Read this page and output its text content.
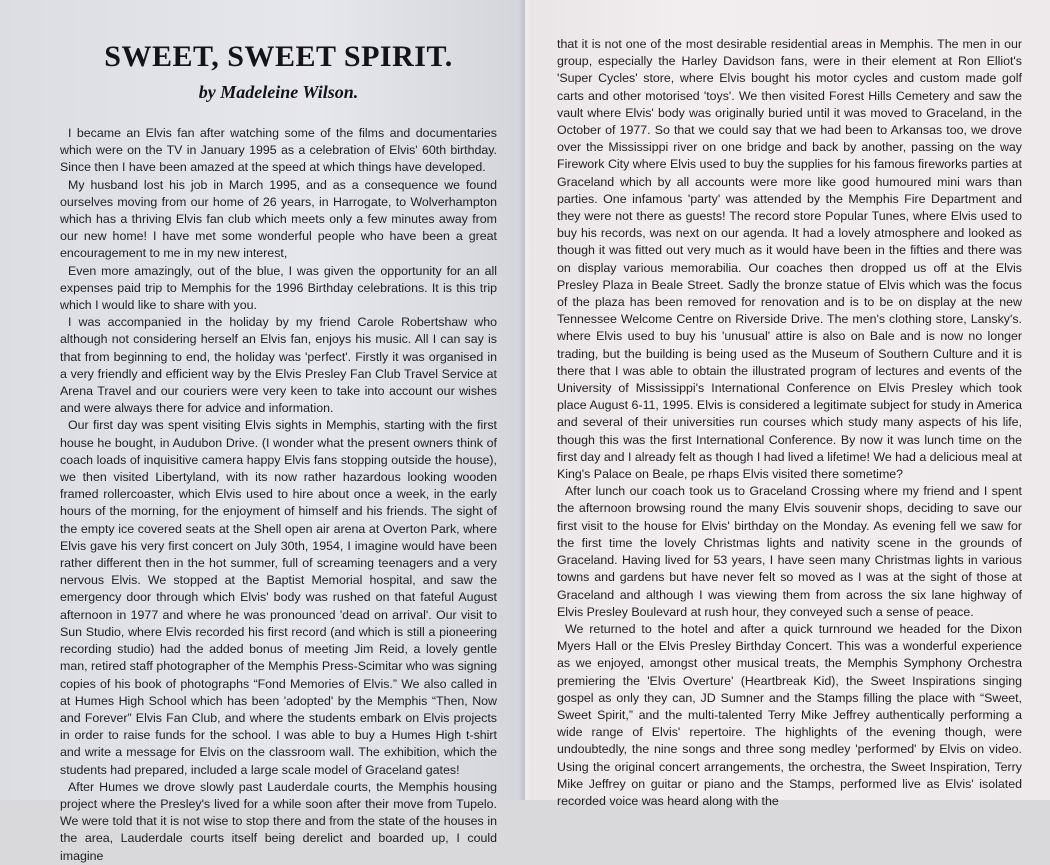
SWEET, SWEET SPIRIT.
by Madeleine Wilson.

I became an Elvis fan after watching some of the films and documentaries which were on the TV in January 1995 as a celebration of Elvis' 60th birthday. Since then I have been amazed at the speed at which things have developed.

My husband lost his job in March 1995, and as a consequence we found ourselves moving from our home of 26 years, in Harrogate, to Wolverhampton which has a thriving Elvis fan club which meets only a few minutes away from our new home! I have met some wonderful people who have been a great encouragement to me in my new interest,

Even more amazingly, out of the blue, I was given the opportunity for an all expenses paid trip to Memphis for the 1996 Birthday celebrations. It is this trip which I would like to share with you.

I was accompanied in the holiday by my friend Carole Robertshaw who although not considering herself an Elvis fan, enjoys his music. All I can say is that from beginning to end, the holiday was 'perfect'. Firstly it was organised in a very friendly and efficient way by the Elvis Presley Fan Club Travel Service at Arena Travel and our couriers were very keen to take into account our wishes and were always there for advice and information.

Our first day was spent visiting Elvis sights in Memphis, starting with the first house he bought, in Audubon Drive. (I wonder what the present owners think of coach loads of inquisitive camera happy Elvis fans stopping outside the house), we then visited Libertyland, with its now rather hazardous looking wooden framed rollercoaster, which Elvis used to hire about once a week, in the early hours of the morning, for the enjoyment of himself and his friends. The sight of the empty ice covered seats at the Shell open air arena at Overton Park, where Elvis gave his very first concert on July 30th, 1954, I imagine would have been rather different then in the hot summer, full of screaming teenagers and a very nervous Elvis. We stopped at the Baptist Memorial hospital, and saw the emergency door through which Elvis' body was rushed on that fateful August afternoon in 1977 and where he was pronounced 'dead on arrival'. Our visit to Sun Studio, where Elvis recorded his first record (and which is still a pioneering recording studio) had the added bonus of meeting Jim Reid, a lovely gentle man, retired staff photographer of the Memphis Press-Scimitar who was signing copies of his book of photographs “Fond Memories of Elvis.” We also called in at Humes High School which has been 'adopted' by the Memphis “Then, Now and Forever” Elvis Fan Club, and where the students embark on Elvis projects in order to raise funds for the school. I was able to buy a Humes High t-shirt and write a message for Elvis on the classroom wall. The exhibition, which the students had prepared, included a large scale model of Graceland gates!

After Humes we drove slowly past Lauderdale courts, the Memphis housing project where the Presley's lived for a while soon after their move from Tupelo. We were told that it is not wise to stop there and from the state of the houses in the area, Lauderdale courts itself being derelict and boarded up, I could imagine

that it is not one of the most desirable residential areas in Memphis. The men in our group, especially the Harley Davidson fans, were in their element at Ron Elliot's 'Super Cycles' store, where Elvis bought his motor cycles and custom made golf carts and other motorised 'toys'. We then visited Forest Hills Cemetery and saw the vault where Elvis' body was originally buried until it was moved to Graceland, in the October of 1977. So that we could say that we had been to Arkansas too, we drove over the Mississippi river on one bridge and back by another, passing on the way Firework City where Elvis used to buy the supplies for his famous fireworks parties at Graceland which by all accounts were more like good humoured mini wars than parties. One infamous 'party' was attended by the Memphis Fire Department and they were not there as guests! The record store Popular Tunes, where Elvis used to buy his records, was next on our agenda. It had a lovely atmosphere and looked as though it was fitted out very much as it would have been in the fifties and there was on display various memorabilia. Our coaches then dropped us off at the Elvis Presley Plaza in Beale Street. Sadly the bronze statue of Elvis which was the focus of the plaza has been removed for renovation and is to be on display at the new Tennessee Welcome Centre on Riverside Drive. The men's clothing store, Lansky's. where Elvis used to buy his 'unusual' attire is also on Bale and is now no longer trading, but the building is being used as the Museum of Southern Culture and it is there that I was able to obtain the illustrated program of lectures and events of the University of Mississippi's International Conference on Elvis Presley which took place August 6-11, 1995. Elvis is considered a legitimate subject for study in America and several of their universities run courses which study many aspects of his life, though this was the first International Conference. By now it was lunch time on the first day and I already felt as though I had lived a lifetime! We had a delicious meal at King's Palace on Beale, pe rhaps Elvis visited there sometime?

After lunch our coach took us to Graceland Crossing where my friend and I spent the afternoon browsing round the many Elvis souvenir shops, deciding to save our first visit to the house for Elvis' birthday on the Monday. As evening fell we saw for the first time the lovely Christmas lights and nativity scene in the grounds of Graceland. Having lived for 53 years, I have seen many Christmas lights in various towns and gardens but have never felt so moved as I was at the sight of those at Graceland and although I was viewing them from across the six lane highway of Elvis Presley Boulevard at rush hour, they conveyed such a sense of peace.

We returned to the hotel and after a quick turnround we headed for the Dixon Myers Hall or the Elvis Presley Birthday Concert. This was a wonderful experience as we enjoyed, amongst other musical treats, the Memphis Symphony Orchestra premiering the 'Elvis Overture' (Heartbreak Kid), the Sweet Inspirations singing gospel as only they can, JD Sumner and the Stamps filling the place with “Sweet, Sweet Spirit,” and the multi-talented Terry Mike Jeffrey authentically performing a wide range of Elvis' repertoire. The highlights of the evening though, were undoubtedly, the nine songs and three song medley 'performed' by Elvis on video. Using the original concert arrangements, the orchestra, the Sweet Inspiration, Terry Mike Jeffrey on guitar or piano and the Stamps, performed live as Elvis' isolated recorded voice was heard along with the
